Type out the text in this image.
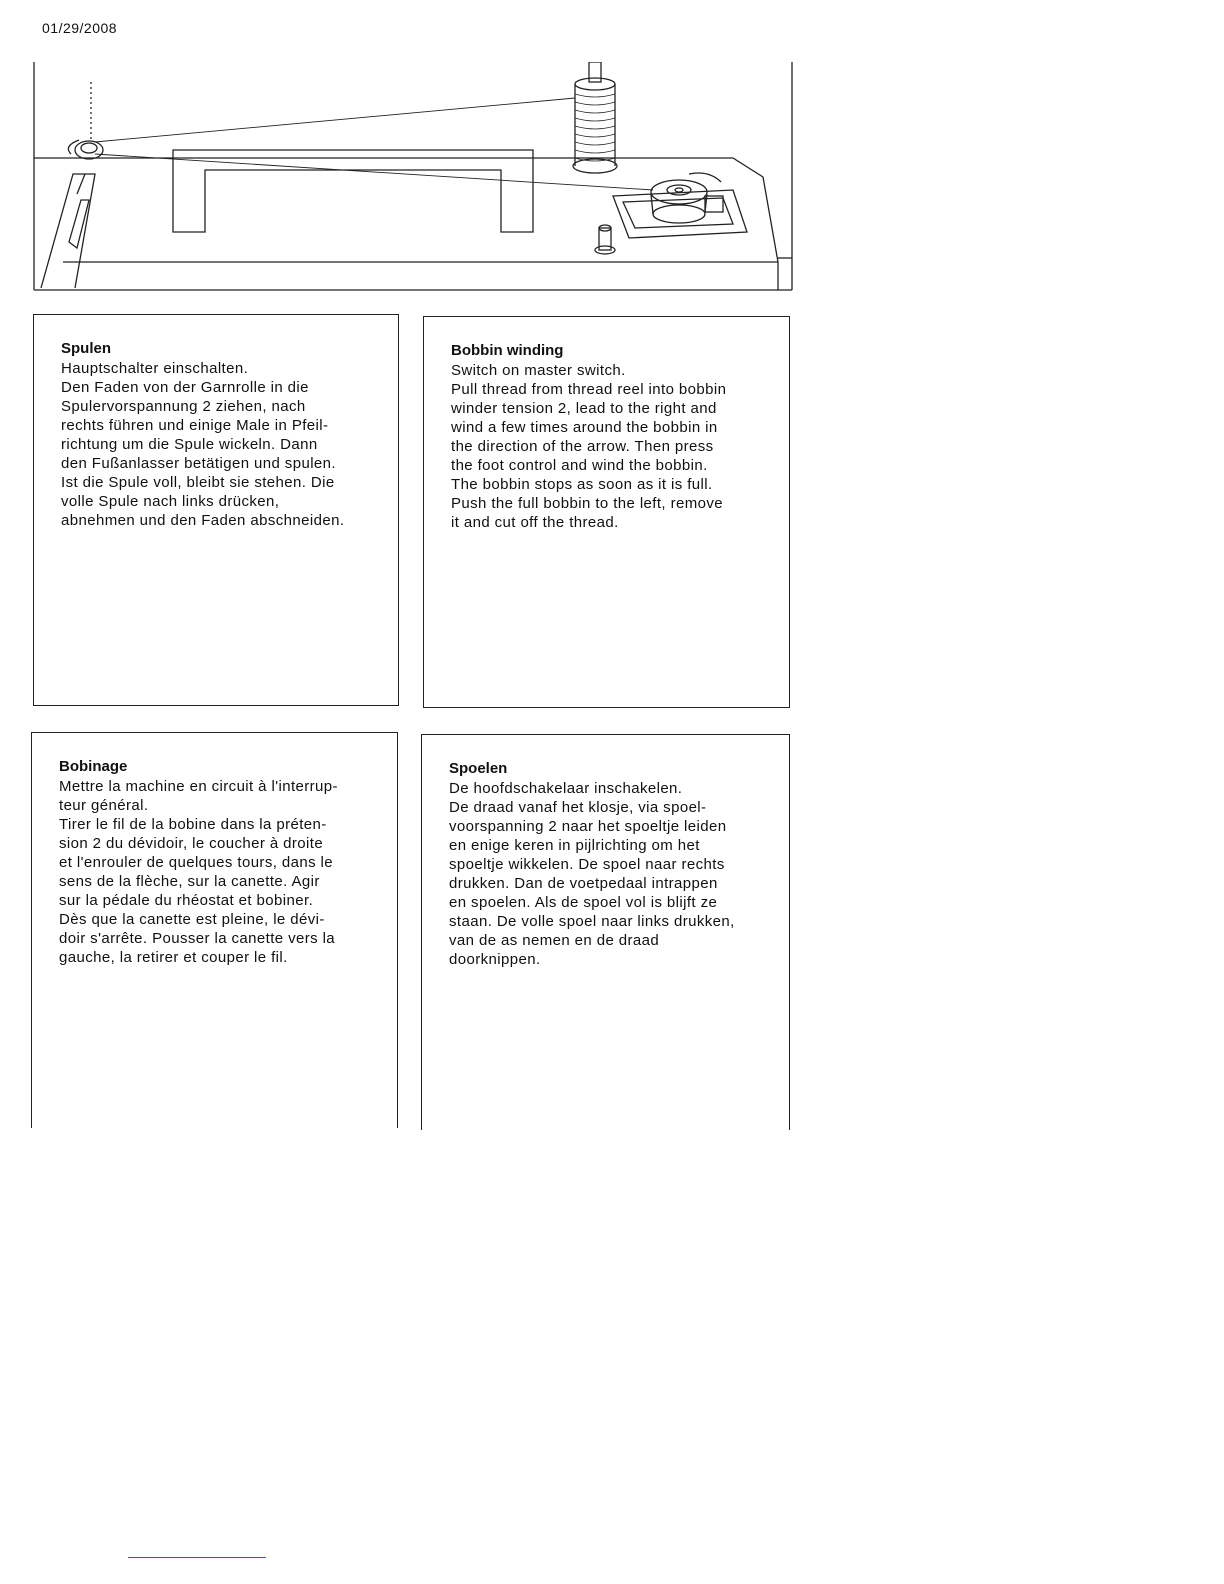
01/29/2008
Spulen

Hauptschalter einschalten.
Den Faden von der Garnrolle in die
Spulervorspannung 2 ziehen, nach
rechts führen und einige Male in Pfeil-
richtung um die Spule wickeln. Dann
den Fußanlasser betätigen und spulen.
Ist die Spule voll, bleibt sie stehen. Die
volle Spule nach links drücken,
abnehmen und den Faden abschneiden.

Bobbin winding

Switch on master switch.
Pull thread from thread reel into bobbin
winder tension 2, lead to the right and
wind a few times around the bobbin in
the direction of the arrow. Then press
the foot control and wind the bobbin.
The bobbin stops as soon as it is full.
Push the full bobbin to the left, remove
it and cut off the thread.

Bobinage

Mettre la machine en circuit à l'interrup-
teur général.
Tirer le fil de la bobine dans la préten-
sion 2 du dévidoir, le coucher à droite
et l'enrouler de quelques tours, dans le
sens de la flèche, sur la canette. Agir
sur la pédale du rhéostat et bobiner.
Dès que la canette est pleine, le dévi-
doir s'arrête. Pousser la canette vers la
gauche, la retirer et couper le fil.

Spoelen

De hoofdschakelaar inschakelen.
De draad vanaf het klosje, via spoel-
voorspanning 2 naar het spoeltje leiden
en enige keren in pijlrichting om het
spoeltje wikkelen. De spoel naar rechts
drukken. Dan de voetpedaal intrappen
en spoelen. Als de spoel vol is blijft ze
staan. De volle spoel naar links drukken,
van de as nemen en de draad
doorknippen.
